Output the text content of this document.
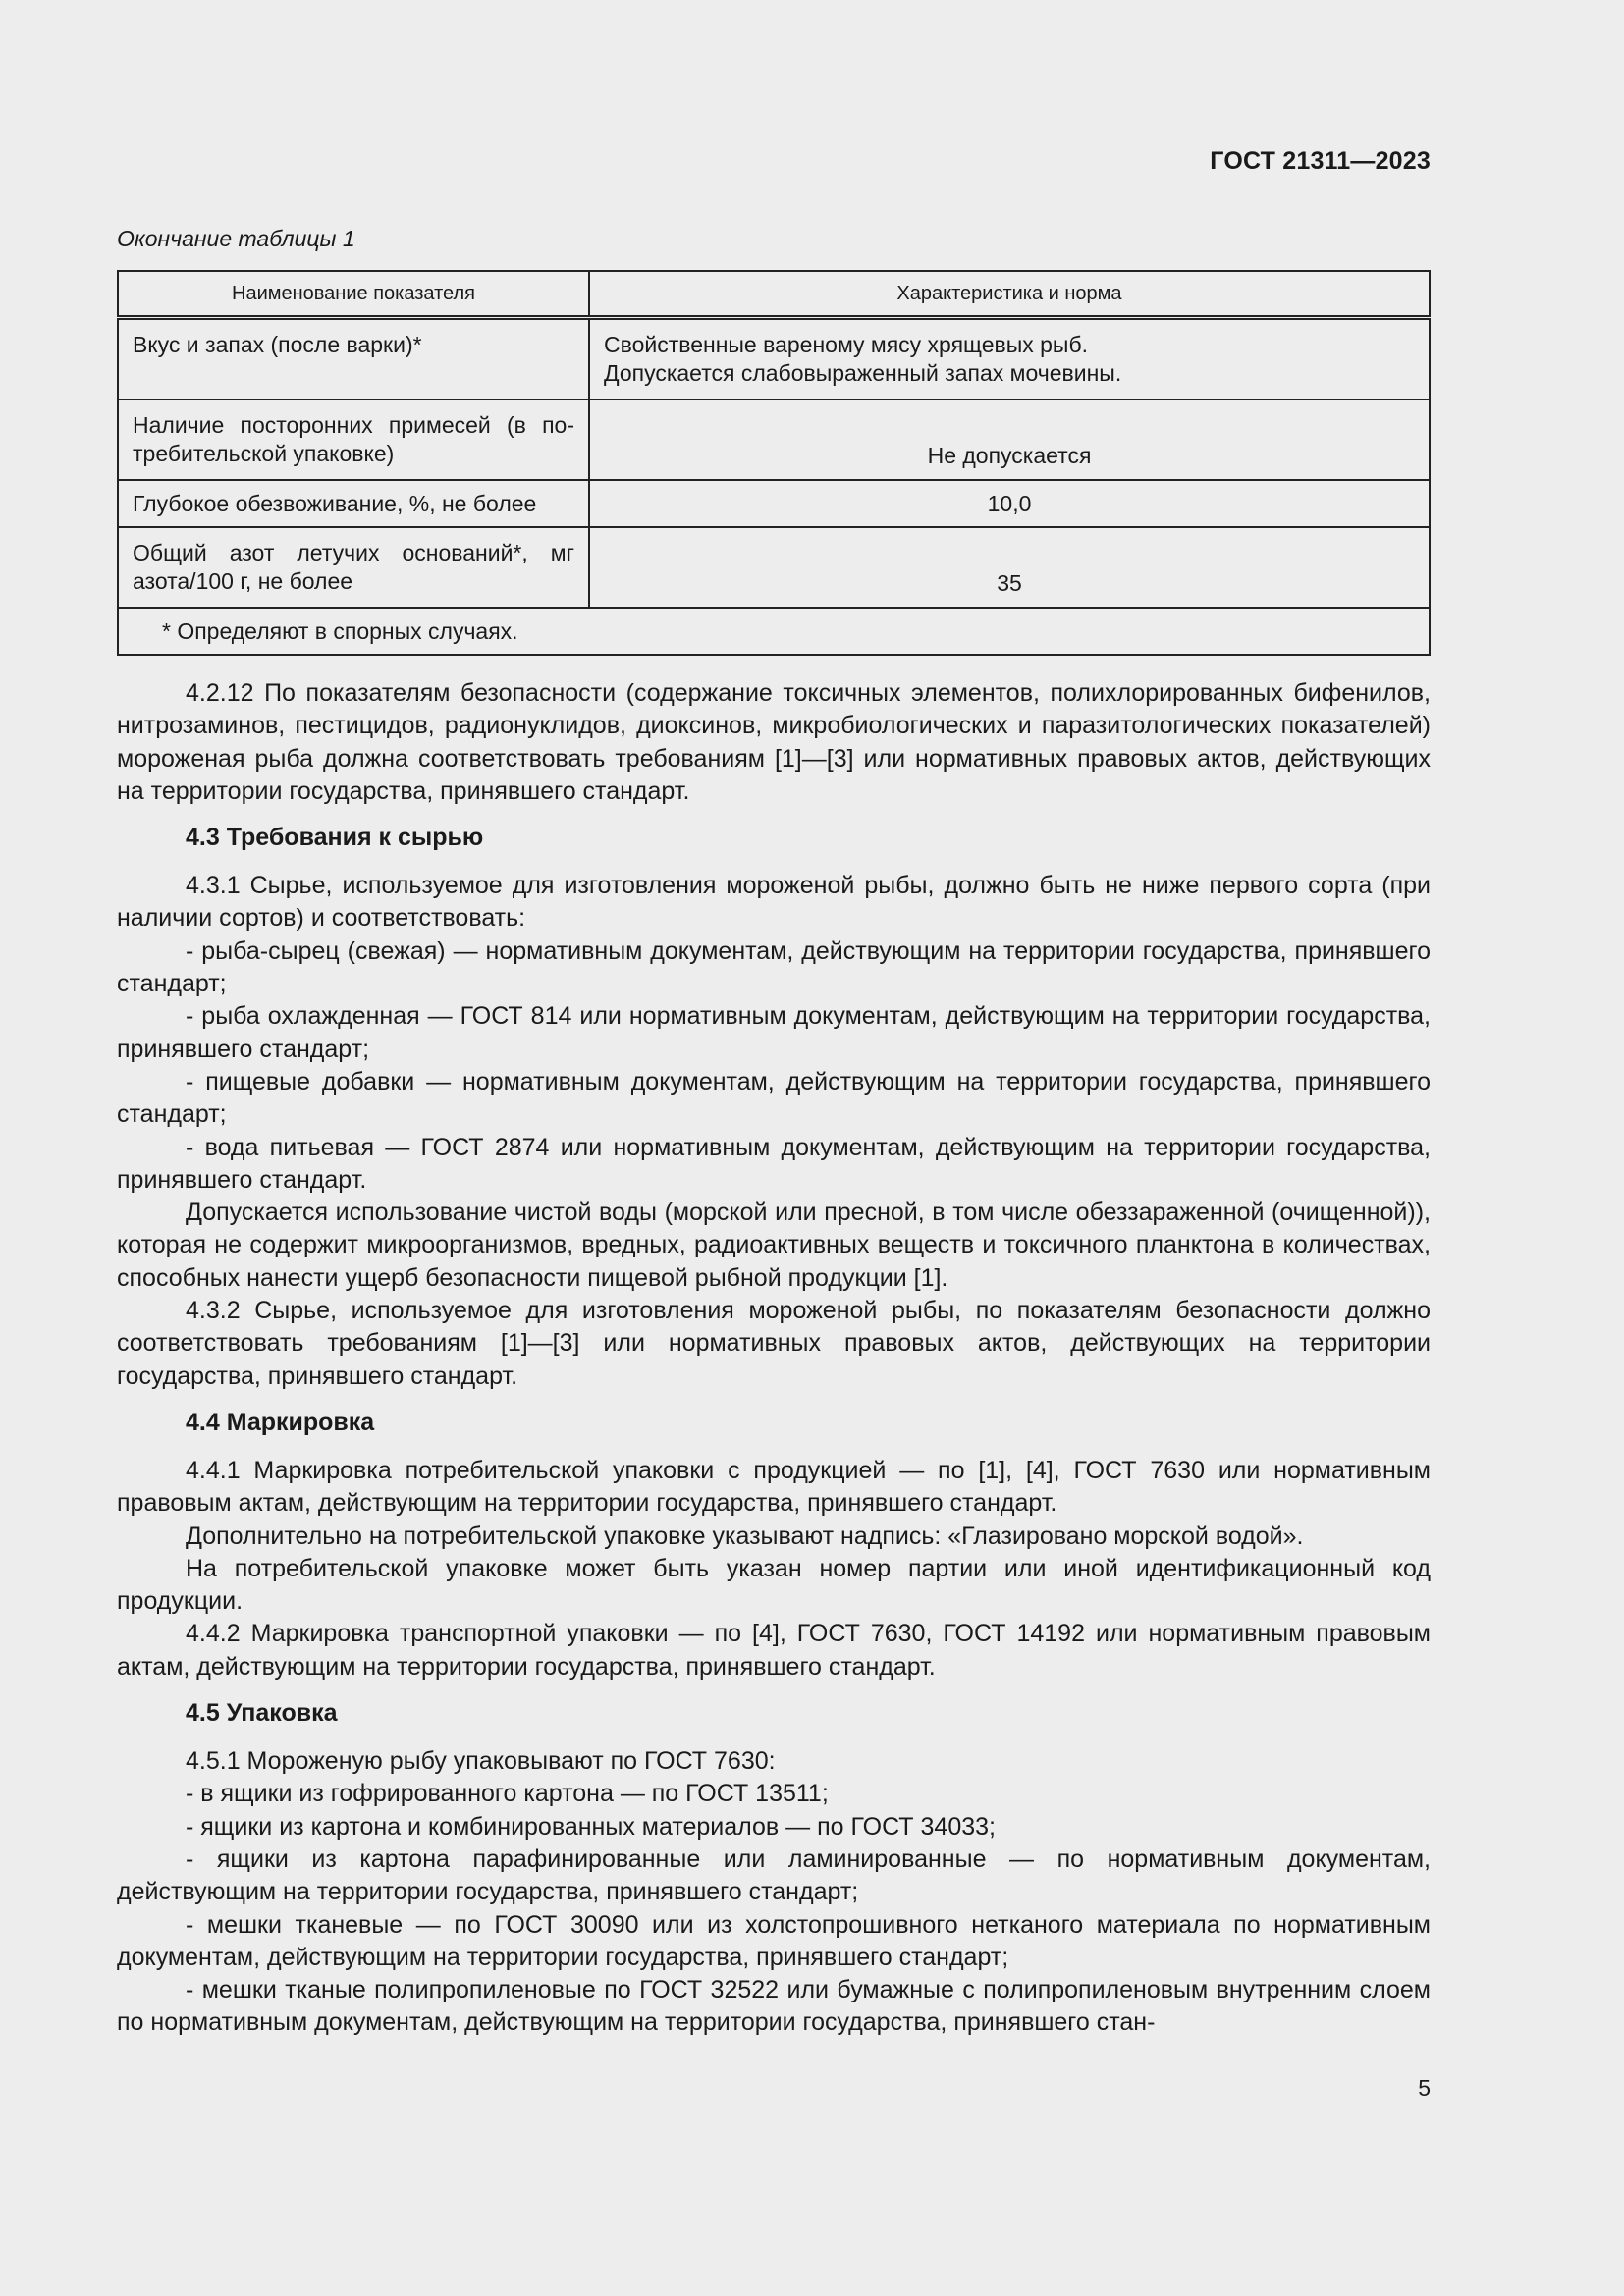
ГОСТ 21311—2023
Окончание таблицы 1
Наименование показателя	Характеристика и норма
Вкус и запах (после варки)*	Свойственные вареному мясу хрящевых рыб.
Допускается слабовыраженный запах мочевины.

Наличие посторонних примесей (в по-
требительской упаковке)	Не допускается
Глубокое обезвоживание, %, не более	10,0

Общий азот летучих оснований*, мг
азота/100 г, не более	35
* Определяют в спорных случаях.	

4.2.12 По показателям безопасности (содержание токсичных элементов, полихлорированных бифенилов, нитрозаминов, пестицидов, радионуклидов, диоксинов, микробиологических и паразитологических показателей) мороженая рыба должна соответствовать требованиям [1]—[3] или нормативных правовых актов, действующих на территории государства, принявшего стандарт.

4.3 Требования к сырью

4.3.1 Сырье, используемое для изготовления мороженой рыбы, должно быть не ниже первого сорта (при наличии сортов) и соответствовать:

- рыба-сырец (свежая) — нормативным документам, действующим на территории государства, принявшего стандарт;

- рыба охлажденная — ГОСТ 814 или нормативным документам, действующим на территории государства, принявшего стандарт;

- пищевые добавки — нормативным документам, действующим на территории государства, принявшего стандарт;

- вода питьевая — ГОСТ 2874 или нормативным документам, действующим на территории государства, принявшего стандарт.

Допускается использование чистой воды (морской или пресной, в том числе обеззараженной (очищенной)), которая не содержит микроорганизмов, вредных, радиоактивных веществ и токсичного планктона в количествах, способных нанести ущерб безопасности пищевой рыбной продукции [1].

4.3.2 Сырье, используемое для изготовления мороженой рыбы, по показателям безопасности должно соответствовать требованиям [1]—[3] или нормативных правовых актов, действующих на территории государства, принявшего стандарт.

4.4 Маркировка

4.4.1 Маркировка потребительской упаковки с продукцией — по [1], [4], ГОСТ 7630 или нормативным правовым актам, действующим на территории государства, принявшего стандарт.

Дополнительно на потребительской упаковке указывают надпись: «Глазировано морской водой».

На потребительской упаковке может быть указан номер партии или иной идентификационный код продукции.

4.4.2 Маркировка транспортной упаковки — по [4], ГОСТ 7630, ГОСТ 14192 или нормативным правовым актам, действующим на территории государства, принявшего стандарт.

4.5 Упаковка

4.5.1 Мороженую рыбу упаковывают по ГОСТ 7630:

- в ящики из гофрированного картона — по ГОСТ 13511;

- ящики из картона и комбинированных материалов — по ГОСТ 34033;

- ящики из картона парафинированные или ламинированные — по нормативным документам, действующим на территории государства, принявшего стандарт;

- мешки тканевые — по ГОСТ 30090 или из холстопрошивного нетканого материала по нормативным документам, действующим на территории государства, принявшего стандарт;

- мешки тканые полипропиленовые по ГОСТ 32522 или бумажные с полипропиленовым внутренним слоем по нормативным документам, действующим на территории государства, принявшего стан-

5
